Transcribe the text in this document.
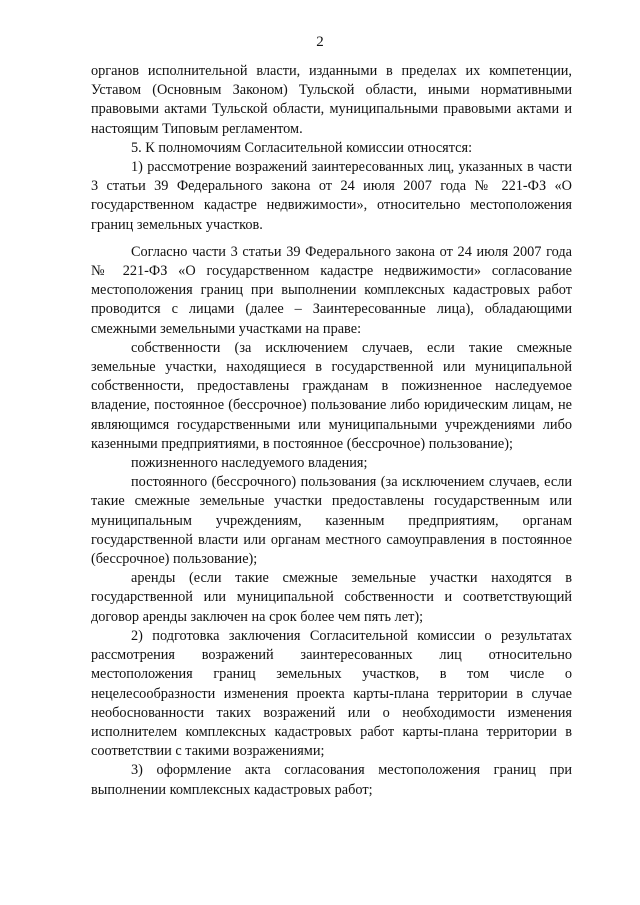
2

органов исполнительной власти, изданными в пределах их компетенции, Уставом (Основным Законом) Тульской области, иными нормативными правовыми актами Тульской области, муниципальными правовыми актами и настоящим Типовым регламентом.

5. К полномочиям Согласительной комиссии относятся:

1) рассмотрение возражений заинтересованных лиц, указанных в части 3 статьи 39 Федерального закона от 24 июля 2007 года № 221-ФЗ «О государственном кадастре недвижимости», относительно местоположения границ земельных участков.

Согласно части 3 статьи 39 Федерального закона от 24 июля 2007 года № 221-ФЗ «О государственном кадастре недвижимости» согласование местоположения границ при выполнении комплексных кадастровых работ проводится с лицами (далее – Заинтересованные лица), обладающими смежными земельными участками на праве:

собственности (за исключением случаев, если такие смежные земельные участки, находящиеся в государственной или муниципальной собственности, предоставлены гражданам в пожизненное наследуемое владение, постоянное (бессрочное) пользование либо юридическим лицам, не являющимся государственными или муниципальными учреждениями либо казенными предприятиями, в постоянное (бессрочное) пользование);

пожизненного наследуемого владения;

постоянного (бессрочного) пользования (за исключением случаев, если такие смежные земельные участки предоставлены государственным или муниципальным учреждениям, казенным предприятиям, органам государственной власти или органам местного самоуправления в постоянное (бессрочное) пользование);

аренды (если такие смежные земельные участки находятся в государственной или муниципальной собственности и соответствующий договор аренды заключен на срок более чем пять лет);

2) подготовка заключения Согласительной комиссии о результатах рассмотрения возражений заинтересованных лиц относительно местоположения границ земельных участков, в том числе о нецелесообразности изменения проекта карты-плана территории в случае необоснованности таких возражений или о необходимости изменения исполнителем комплексных кадастровых работ карты-плана территории в соответствии с такими возражениями;

3) оформление акта согласования местоположения границ при выполнении комплексных кадастровых работ;
